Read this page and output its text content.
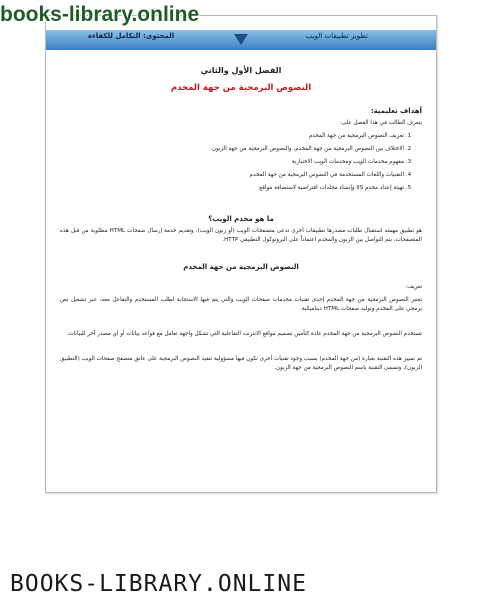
books-library.online
المحتوى: التكامل للكفاءة	تطوير تطبيقات الويب
الفصل الأول والثاني
النصوص البرمجية من جهة المخدم
أهداف تعليمية:
يتعرف الطالب في هذا الفصل على:
1. تعريف النصوص البرمجية من جهة المخدم
2. الاختلاف بين النصوص البرمجية من جهة المخدم، والنصوص البرمجية من جهة الزبون
3. مفهوم مخدمات الويب ومخدمات الويب الاختبارية
4. التقنيات واللغات المستخدمة في النصوص البرمجية من جهة المخدم
5. تهيئة إعداد مخدم IIS وإنشاء مجلدات افتراضية لاستضافة مواقع
ما هو مخدم الويب؟
هو تطبيق مهمته استقبال طلبات مصدرها تطبيقات أخرى تدعى متصفحات الويب (أو زبون الويب)، وتقديم خدمة إرسال صفحات HTML مطلوبة من قبل هذه المتصفحات، يتم التواصل بين الزبون والمخدم اعتماداً على البروتوكول التطبيقي HTTP.
النصوص البرمجية من جهة المخدم
تعريف:
تعتبر النصوص البرمجية من جهة المخدم إحدى تقنيات مخدمات صفحات الويب والتي يتم فيها الاستجابة لطلب المستخدم والتفاعل معه، عبر تشغيل نص برمجي على المخدم وتوليد صفحات HTML ديناميكية.
تستخدم النصوص البرمجية من جهة المخدم عادة كتأمين تصميم مواقع الانترنت التفاعلية التي تشكل واجهة تعامل مع قواعد بيانات أو أي مصدر آخر للبيانات.
تم تمييز هذه التقنية بعبارة (من جهة المخدم) بسبب وجود تقنيات أخرى تكون فيها مسؤولية تنفيذ النصوص البرمجية على عاتق متصفح صفحات الويب (التطبيق الزبون)، وتسمى التقنية باسم النصوص البرمجية من جهة الزبون.
BOOKS-LIBRARY.ONLINE
